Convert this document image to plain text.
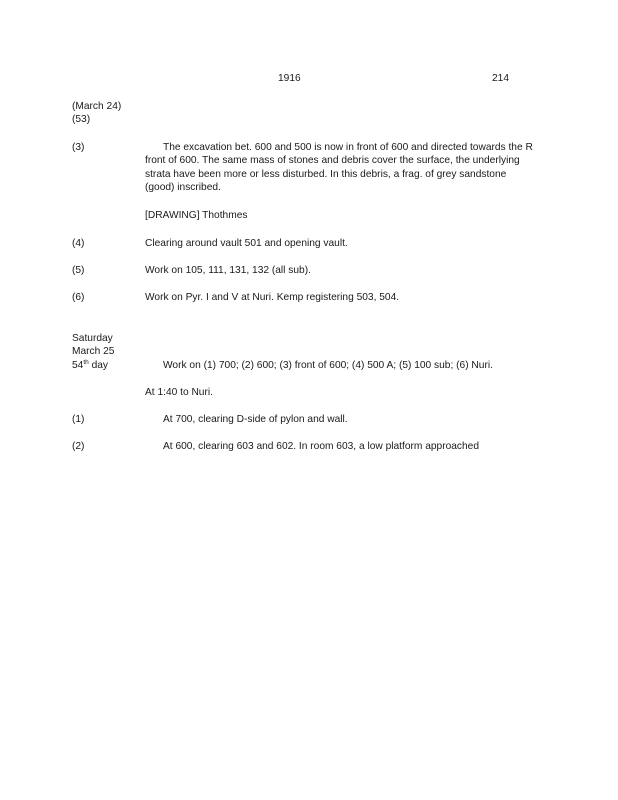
1916	214
(March 24)
(53)
(3)	The excavation bet. 600 and 500 is now in front of 600 and directed towards the R front of 600. The same mass of stones and debris cover the surface, the underlying strata have been more or less disturbed. In this debris, a frag. of grey sandstone (good) inscribed.
[DRAWING] Thothmes
(4)	Clearing around vault 501 and opening vault.
(5)	Work on 105, 111, 131, 132 (all sub).
(6)	Work on Pyr. I and V at Nuri. Kemp registering 503, 504.
Saturday
March 25
54th day	Work on (1) 700; (2) 600; (3) front of 600; (4) 500 A; (5) 100 sub; (6) Nuri.
At 1:40 to Nuri.
(1)	At 700, clearing D-side of pylon and wall.
(2)	At 600, clearing 603 and 602. In room 603, a low platform approached
